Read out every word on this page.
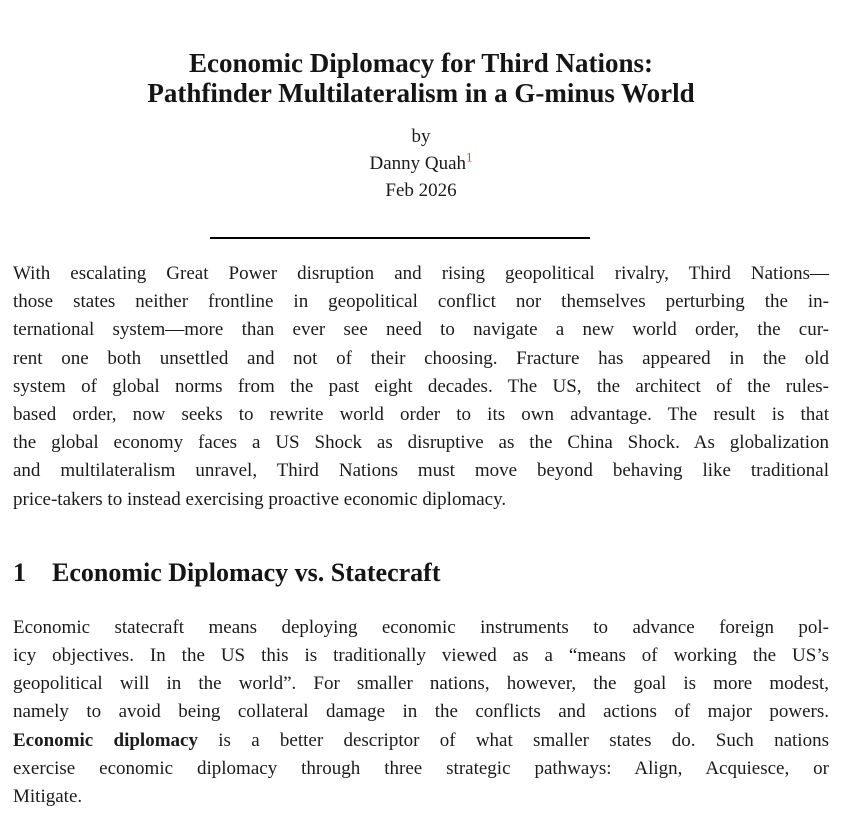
Economic Diplomacy for Third Nations:
Pathfinder Multilateralism in a G-minus World
by
Danny Quah$^1$
Feb 2026
With escalating Great Power disruption and rising geopolitical rivalry, Third Nations—
those states neither frontline in geopolitical conflict nor themselves perturbing the in-
ternational system—more than ever see need to navigate a new world order, the cur-
rent one both unsettled and not of their choosing. Fracture has appeared in the old
system of global norms from the past eight decades. The US, the architect of the rules-
based order, now seeks to rewrite world order to its own advantage. The result is that
the global economy faces a US Shock as disruptive as the China Shock. As globalization
and multilateralism unravel, Third Nations must move beyond behaving like traditional
price-takers to instead exercising proactive economic diplomacy.
1 Economic Diplomacy vs. Statecraft
Economic statecraft means deploying economic instruments to advance foreign pol-
icy objectives. In the US this is traditionally viewed as a “means of working the US’s
geopolitical will in the world”. For smaller nations, however, the goal is more modest,
namely to avoid being collateral damage in the conflicts and actions of major powers.
Economic diplomacy is a better descriptor of what smaller states do. Such nations
exercise economic diplomacy through three strategic pathways: Align, Acquiesce, or
Mitigate.
